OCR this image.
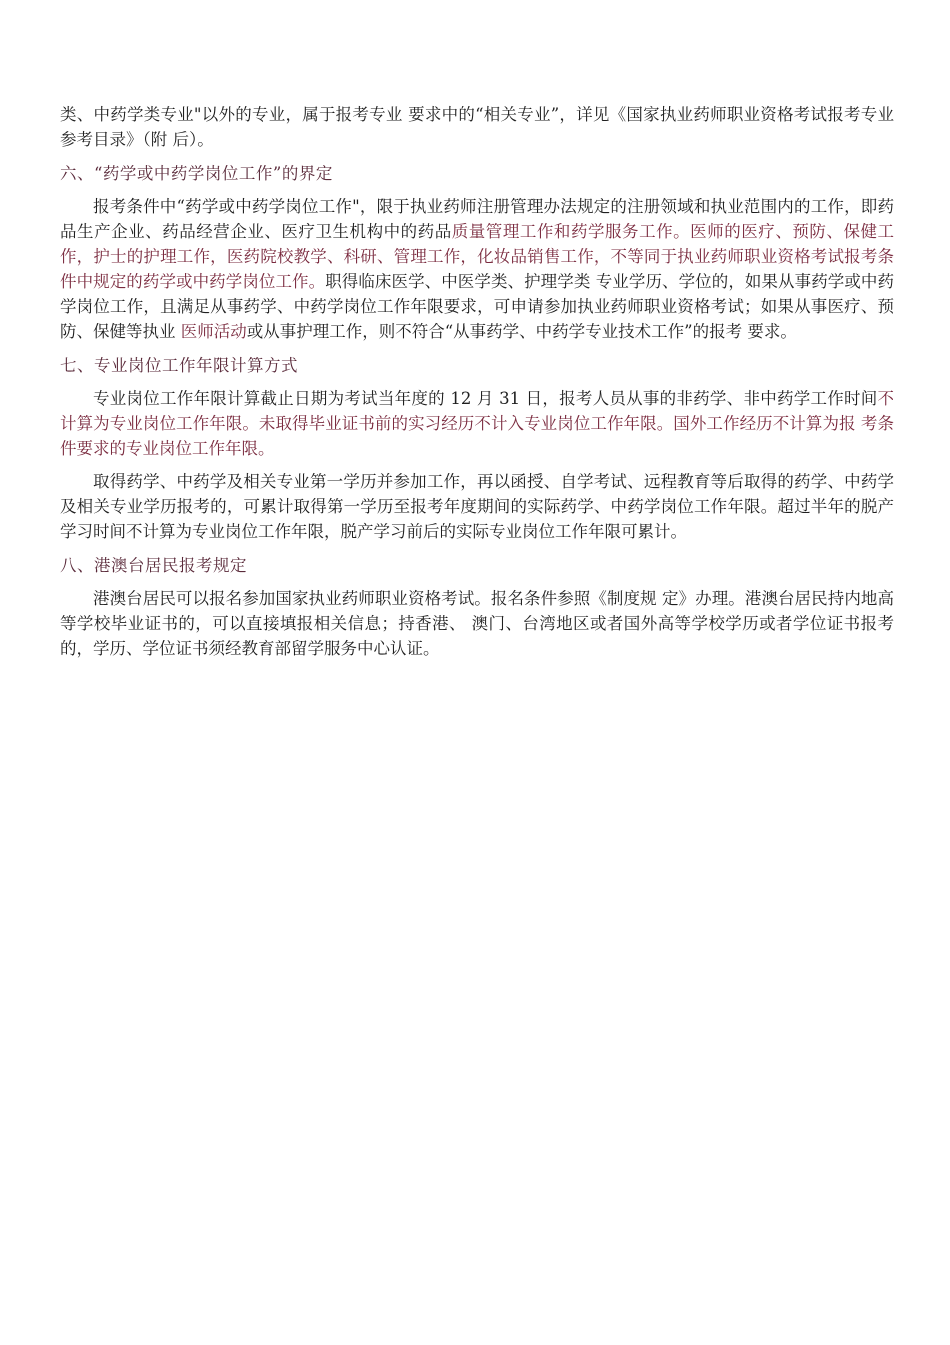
类、中药学类专业"以外的专业，属于报考专业 要求中的“相关专业”，详见《国家执业药师职业资格考试报考专业参考目录》（附 后）。

六、“药学或中药学岗位工作”的界定

报考条件中“药学或中药学岗位工作"，限于执业药师注册管理办法规定的注册领域和执业范围内的工作，即药品生产企业、药品经营企业、医疗卫生机构中的药品质量管理工作和药学服务工作。医师的医疗、预防、保健工作，护士的护理工作，医药院校教学、科研、管理工作，化妆品销售工作，不等同于执业药师职业资格考试报考条件中规定的药学或中药学岗位工作。职得临床医学、中医学类、护理学类 专业学历、学位的，如果从事药学或中药学岗位工作，且满足从事药学、中药学岗位工作年限要求，可申请参加执业药师职业资格考试；如果从事医疗、预防、保健等执业 医师活动或从事护理工作，则不符合“从事药学、中药学专业技术工作”的报考 要求。

七、专业岗位工作年限计算方式

专业岗位工作年限计算截止日期为考试当年度的 12 月 31 日，报考人员从事的非药学、非中药学工作时间不计算为专业岗位工作年限。未取得毕业证书前的实习经历不计入专业岗位工作年限。国外工作经历不计算为报 考条件要求的专业岗位工作年限。

取得药学、中药学及相关专业第一学历并参加工作，再以函授、自学考试、远程教育等后取得的药学、中药学及相关专业学历报考的，可累计取得第一学历至报考年度期间的实际药学、中药学岗位工作年限。超过半年的脱产学习时间不计算为专业岗位工作年限，脱产学习前后的实际专业岗位工作年限可累计。

八、港澳台居民报考规定

港澳台居民可以报名参加国家执业药师职业资格考试。报名条件参照《制度规 定》办理。港澳台居民持内地高等学校毕业证书的，可以直接填报相关信息；持香港、 澳门、台湾地区或者国外高等学校学历或者学位证书报考的，学历、学位证书须经教育部留学服务中心认证。
